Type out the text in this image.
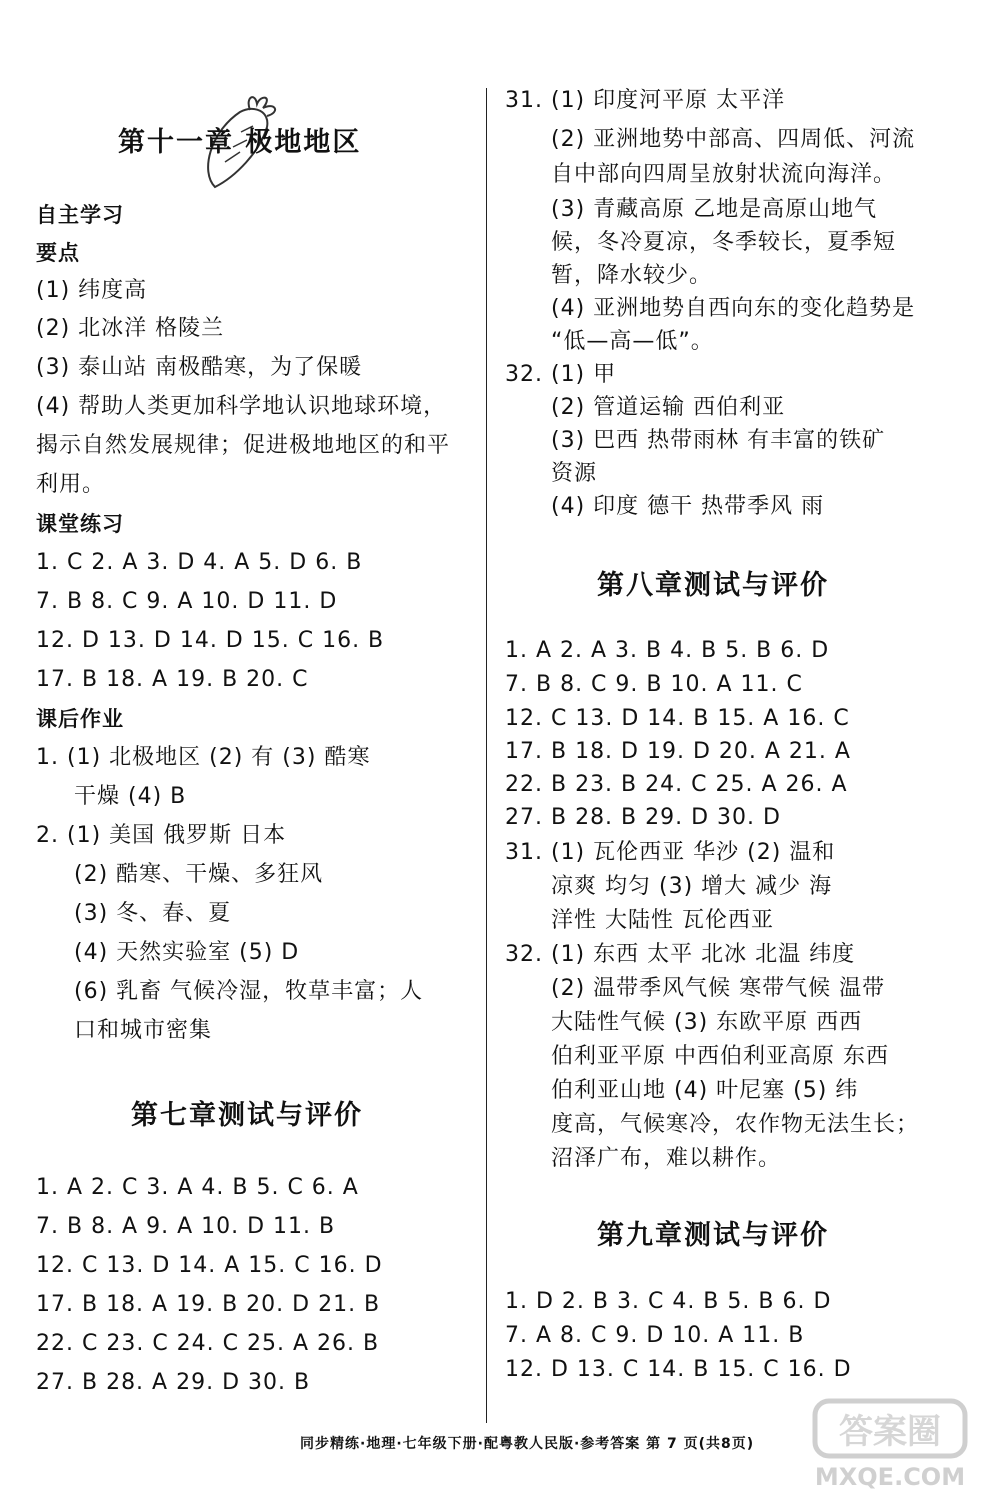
第十一章 极地地区
自主学习
要点
(1) 纬度高
(2) 北冰洋 格陵兰
(3) 泰山站 南极酷寒，为了保暖
(4) 帮助人类更加科学地认识地球环境，
揭示自然发展规律；促进极地地区的和平
利用。
课堂练习
1. C 2. A 3. D 4. A 5. D 6. B
7. B 8. C 9. A 10. D 11. D
12. D 13. D 14. D 15. C 16. B
17. B 18. A 19. B 20. C
课后作业
1. (1) 北极地区 (2) 有 (3) 酷寒
干燥 (4) B
2. (1) 美国 俄罗斯 日本
(2) 酷寒、干燥、多狂风
(3) 冬、春、夏
(4) 天然实验室 (5) D
(6) 乳畜 气候冷湿，牧草丰富；人
口和城市密集
第七章测试与评价
1. A 2. C 3. A 4. B 5. C 6. A
7. B 8. A 9. A 10. D 11. B
12. C 13. D 14. A 15. C 16. D
17. B 18. A 19. B 20. D 21. B
22. C 23. C 24. C 25. A 26. B
27. B 28. A 29. D 30. B
31. (1) 印度河平原 太平洋
(2) 亚洲地势中部高、四周低、河流
自中部向四周呈放射状流向海洋。
(3) 青藏高原 乙地是高原山地气
候，冬冷夏凉，冬季较长，夏季短
暂，降水较少。
(4) 亚洲地势自西向东的变化趋势是
“低—高—低”。
32. (1) 甲
(2) 管道运输 西伯利亚
(3) 巴西 热带雨林 有丰富的铁矿
资源
(4) 印度 德干 热带季风 雨
第八章测试与评价
1. A 2. A 3. B 4. B 5. B 6. D
7. B 8. C 9. B 10. A 11. C
12. C 13. D 14. B 15. A 16. C
17. B 18. D 19. D 20. A 21. A
22. B 23. B 24. C 25. A 26. A
27. B 28. B 29. D 30. D
31. (1) 瓦伦西亚 华沙 (2) 温和
凉爽 均匀 (3) 增大 减少 海
洋性 大陆性 瓦伦西亚
32. (1) 东西 太平 北冰 北温 纬度
(2) 温带季风气候 寒带气候 温带
大陆性气候 (3) 东欧平原 西西
伯利亚平原 中西伯利亚高原 东西
伯利亚山地 (4) 叶尼塞 (5) 纬
度高，气候寒冷，农作物无法生长；
沼泽广布，难以耕作。
第九章测试与评价
1. D 2. B 3. C 4. B 5. B 6. D
7. A 8. C 9. D 10. A 11. B
12. D 13. C 14. B 15. C 16. D
同步精练·地理·七年级下册·配粤教人民版·参考答案 第 7 页(共8页) 答案圈
MXQE.COM
